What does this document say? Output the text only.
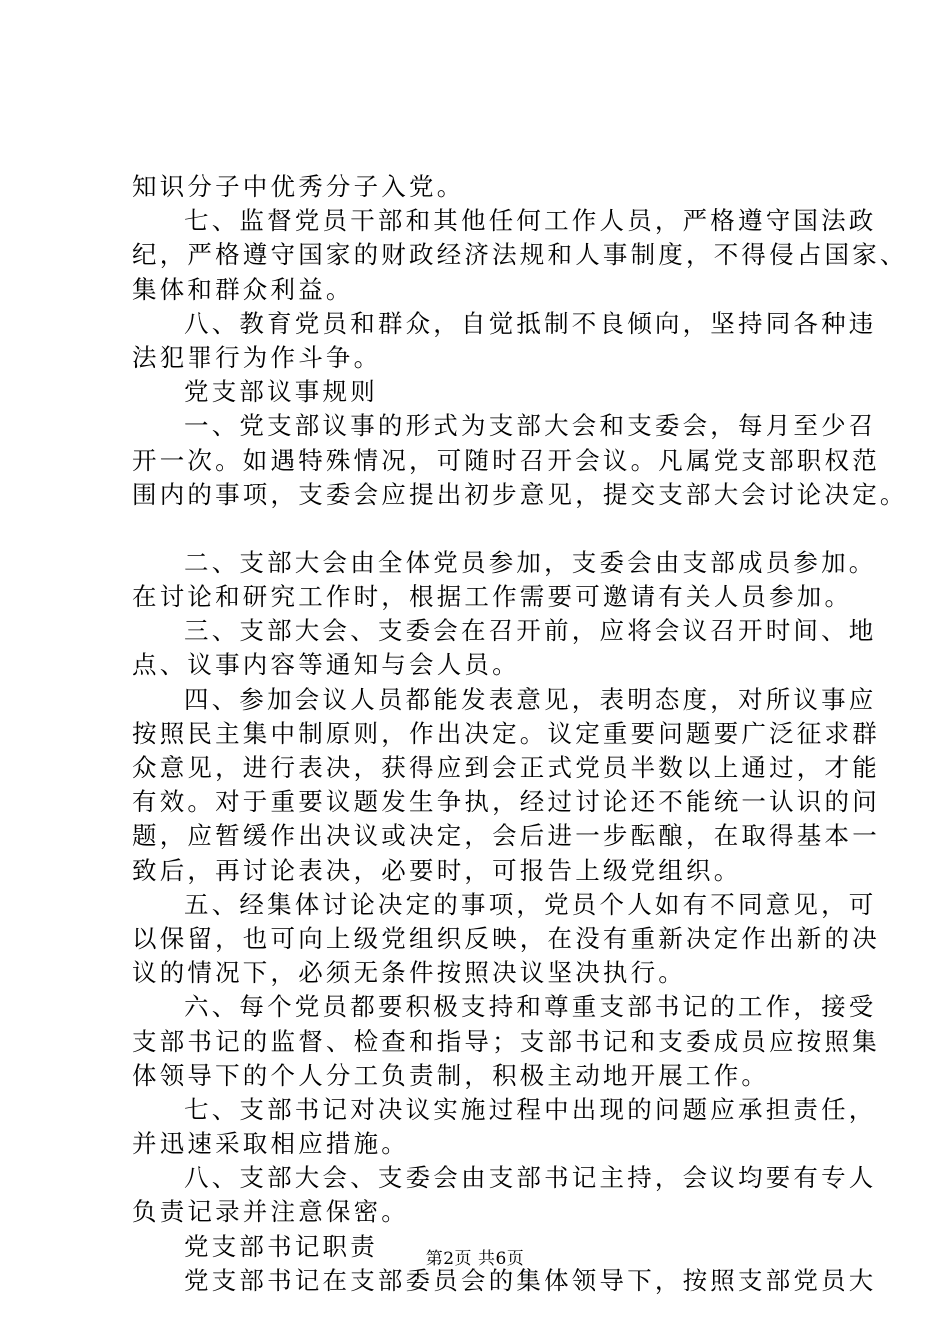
知识分子中优秀分子入党。
七、监督党员干部和其他任何工作人员，严格遵守国法政
纪，严格遵守国家的财政经济法规和人事制度，不得侵占国家、
集体和群众利益。
八、教育党员和群众，自觉抵制不良倾向，坚持同各种违
法犯罪行为作斗争。
党支部议事规则
一、党支部议事的形式为支部大会和支委会，每月至少召
开一次。如遇特殊情况，可随时召开会议。凡属党支部职权范
围内的事项，支委会应提出初步意见，提交支部大会讨论决定。
二、支部大会由全体党员参加，支委会由支部成员参加。
在讨论和研究工作时，根据工作需要可邀请有关人员参加。
三、支部大会、支委会在召开前，应将会议召开时间、地
点、议事内容等通知与会人员。
四、参加会议人员都能发表意见，表明态度，对所议事应
按照民主集中制原则，作出决定。议定重要问题要广泛征求群
众意见，进行表决，获得应到会正式党员半数以上通过，才能
有效。对于重要议题发生争执，经过讨论还不能统一认识的问
题，应暂缓作出决议或决定，会后进一步酝酿，在取得基本一
致后，再讨论表决，必要时，可报告上级党组织。
五、经集体讨论决定的事项，党员个人如有不同意见，可
以保留，也可向上级党组织反映，在没有重新决定作出新的决
议的情况下，必须无条件按照决议坚决执行。
六、每个党员都要积极支持和尊重支部书记的工作，接受
支部书记的监督、检查和指导；支部书记和支委成员应按照集
体领导下的个人分工负责制，积极主动地开展工作。
七、支部书记对决议实施过程中出现的问题应承担责任，
并迅速采取相应措施。
八、支部大会、支委会由支部书记主持，会议均要有专人
负责记录并注意保密。
党支部书记职责
党支部书记在支部委员会的集体领导下，按照支部党员大
第2页 共6页
